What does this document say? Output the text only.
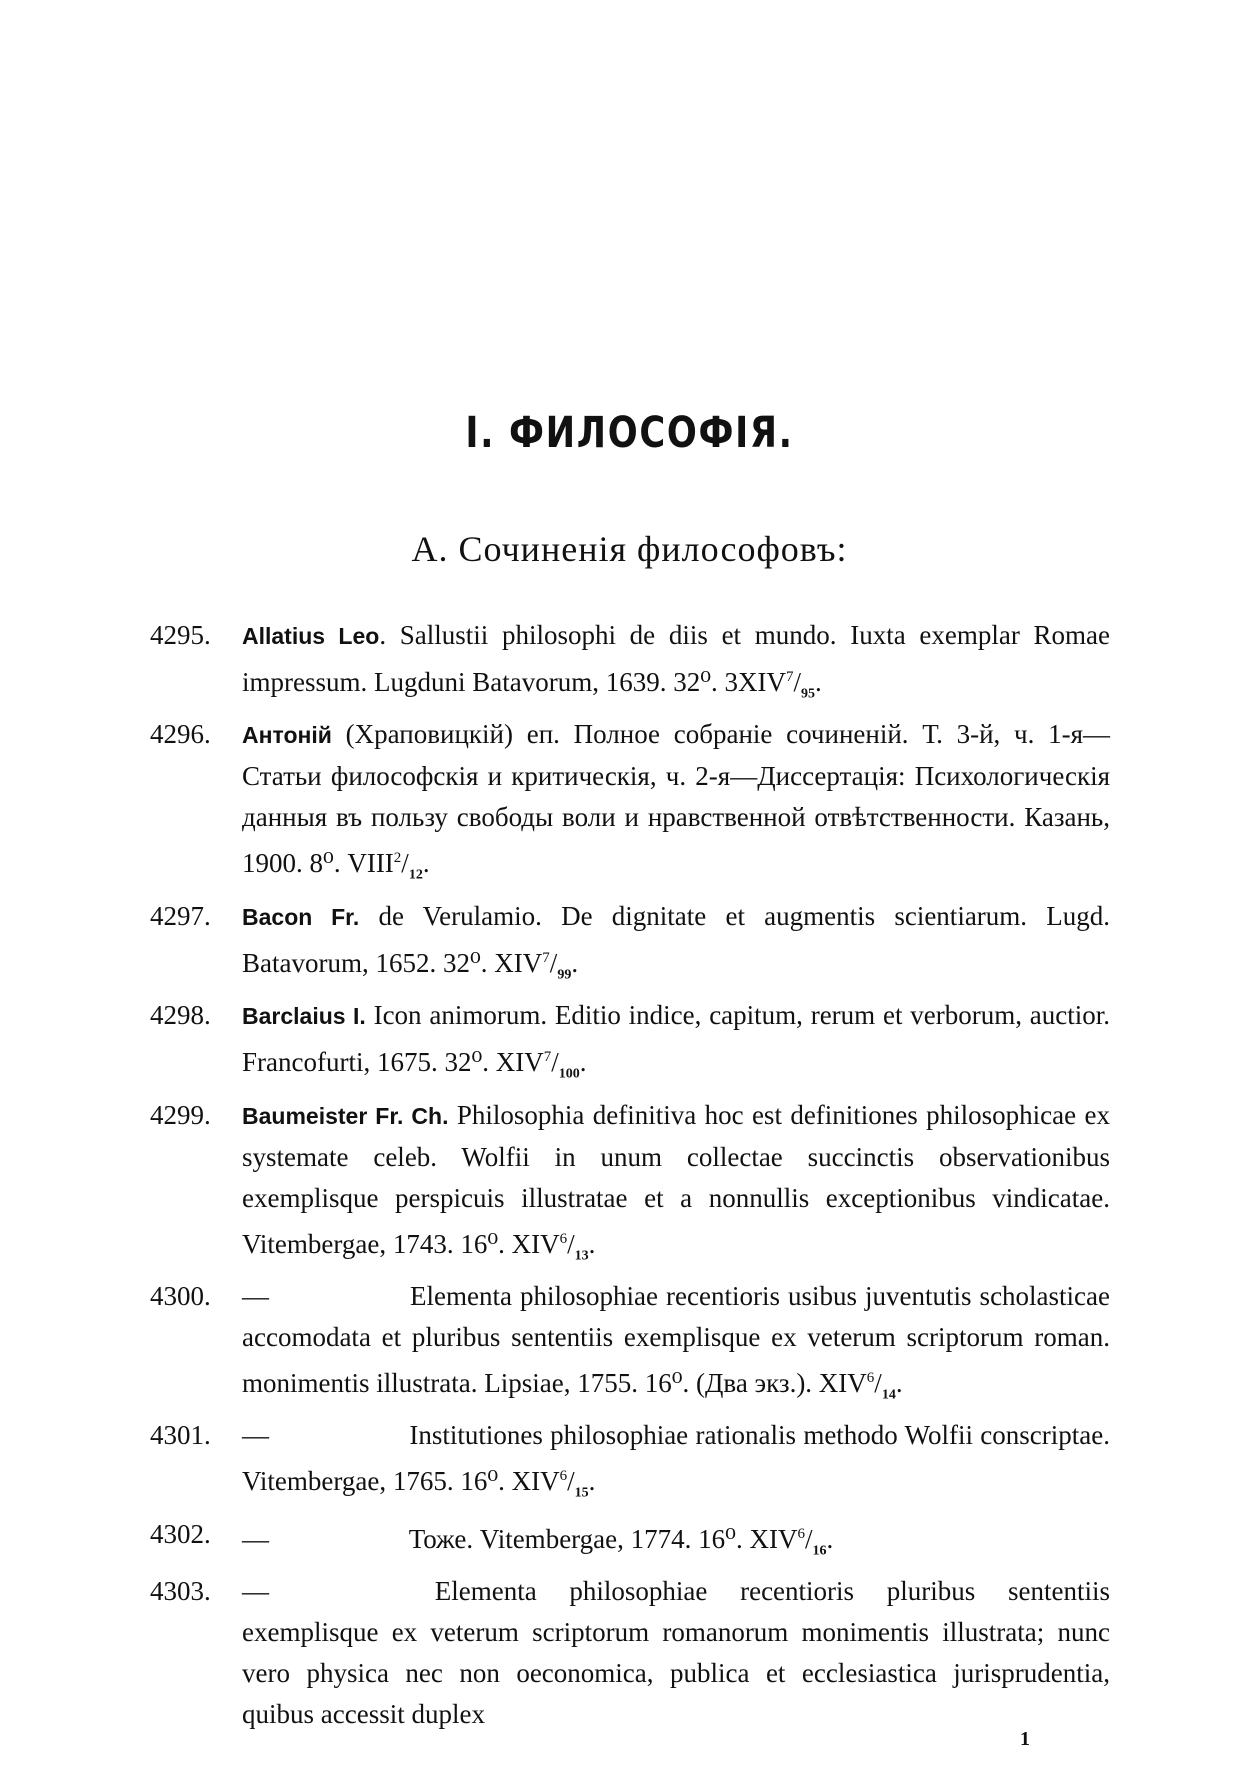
I. ФИЛОСОФIЯ.
А. Сочиненiя философовъ:
4295. Allatius Leo. Sallustii philosophi de diis et mundo. Iuxta exemplar Romae impressum. Lugduni Batavorum, 1639. 32⁰. $3XIV^7/_{95}$.
4296. Антонiй (Храповицкiй) еп. Полное собранiе сочиненiй. Т. 3-й, ч. 1-я—Статьи философскiя и критическiя, ч. 2-я—Диссертацiя: Психологическiя данныя въ пользу свободы воли и нравственной отвѣтственности. Казань, 1900. 8⁰. $VIII^2/_{12}$.
4297. Bacon Fr. de Verulamio. De dignitate et augmentis scientiarum. Lugd. Batavorum, 1652. 32⁰. $XIV^7/_{99}$.
4298. Barclaius I. Icon animorum. Editio indice, capitum, rerum et verborum, auctior. Francofurti, 1675. 32⁰. $XIV^7/_{100}$.
4299. Baumeister Fr. Ch. Philosophia definitiva hoc est definitiones philosophicae ex systemate celeb. Wolfii in unum collectae succinctis observationibus exemplisque perspicuis illustratae et a nonnullis exceptionibus vindicatae. Vitembergae, 1743. 16⁰. $XIV^6/_{13}$.
4300. —	Elementa philosophiae recentioris usibus juventutis scholasticae accomodata et pluribus sententiis exemplisque ex veterum scriptorum roman. monimentis illustrata. Lipsiae, 1755. 16⁰. (Два экз.). $XIV^6/_{14}$.
4301. —	Institutiones philosophiae rationalis methodo Wolfii conscriptae. Vitembergae, 1765. 16⁰. $XIV^6/_{15}$.
4302. —	Тоже. Vitembergae, 1774. 16⁰. $XIV^6/_{16}$.
4303. —	Elementa philosophiae recentioris pluribus sententiis exemplisque ex veterum scriptorum romanorum monimentis illustrata; nunc vero physica nec non oeconomica, publica et ecclesiastica jurisprudentia, quibus accessit duplex
1
